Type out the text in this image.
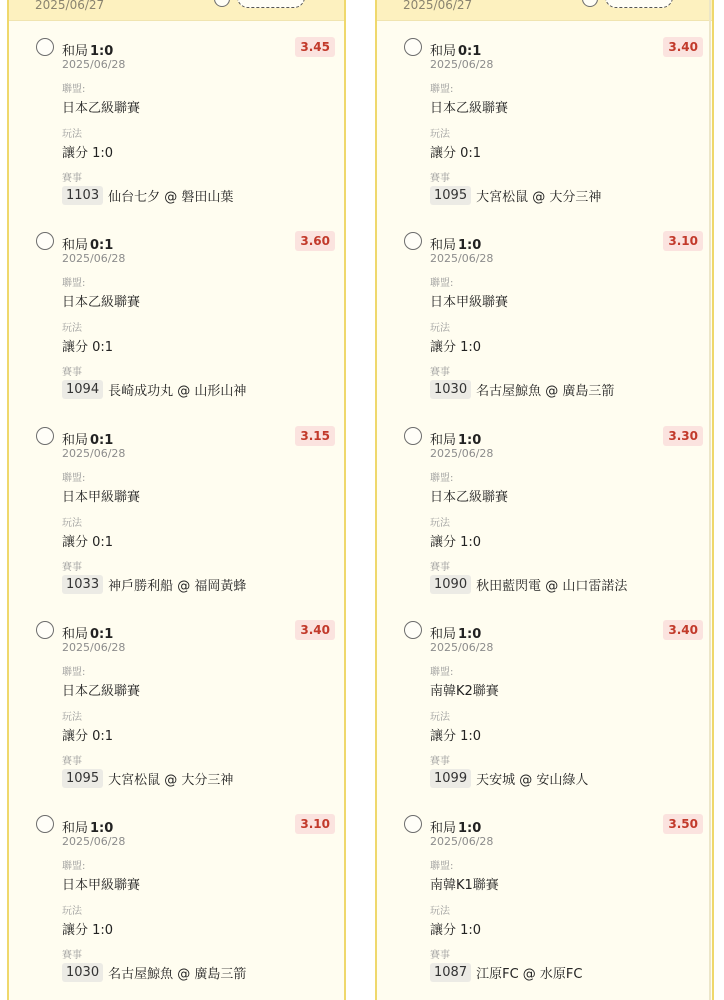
2025/06/27
和局 1:0
2025/06/28
3.45
聯盟:
日本乙級聯賽
玩法
讓分 1:0
賽事
1103 仙台七夕 @ 磐田山葉
和局 0:1
2025/06/28
3.60
聯盟:
日本乙級聯賽
玩法
讓分 0:1
賽事
1094 長崎成功丸 @ 山形山神
和局 0:1
2025/06/28
3.15
聯盟:
日本甲級聯賽
玩法
讓分 0:1
賽事
1033 神戶勝利船 @ 福岡黃蜂
和局 0:1
2025/06/28
3.40
聯盟:
日本乙級聯賽
玩法
讓分 0:1
賽事
1095 大宮松鼠 @ 大分三神
和局 1:0
2025/06/28
3.10
聯盟:
日本甲級聯賽
玩法
讓分 1:0
賽事
1030 名古屋鯨魚 @ 廣島三箭
2025/06/27
和局 0:1
2025/06/28
3.40
聯盟:
日本乙級聯賽
玩法
讓分 0:1
賽事
1095 大宮松鼠 @ 大分三神
和局 1:0
2025/06/28
3.10
聯盟:
日本甲級聯賽
玩法
讓分 1:0
賽事
1030 名古屋鯨魚 @ 廣島三箭
和局 1:0
2025/06/28
3.30
聯盟:
日本乙級聯賽
玩法
讓分 1:0
賽事
1090 秋田藍閃電 @ 山口雷諾法
和局 1:0
2025/06/28
3.40
聯盟:
南韓K2聯賽
玩法
讓分 1:0
賽事
1099 天安城 @ 安山綠人
和局 1:0
2025/06/28
3.50
聯盟:
南韓K1聯賽
玩法
讓分 1:0
賽事
1087 江原FC @ 水原FC
